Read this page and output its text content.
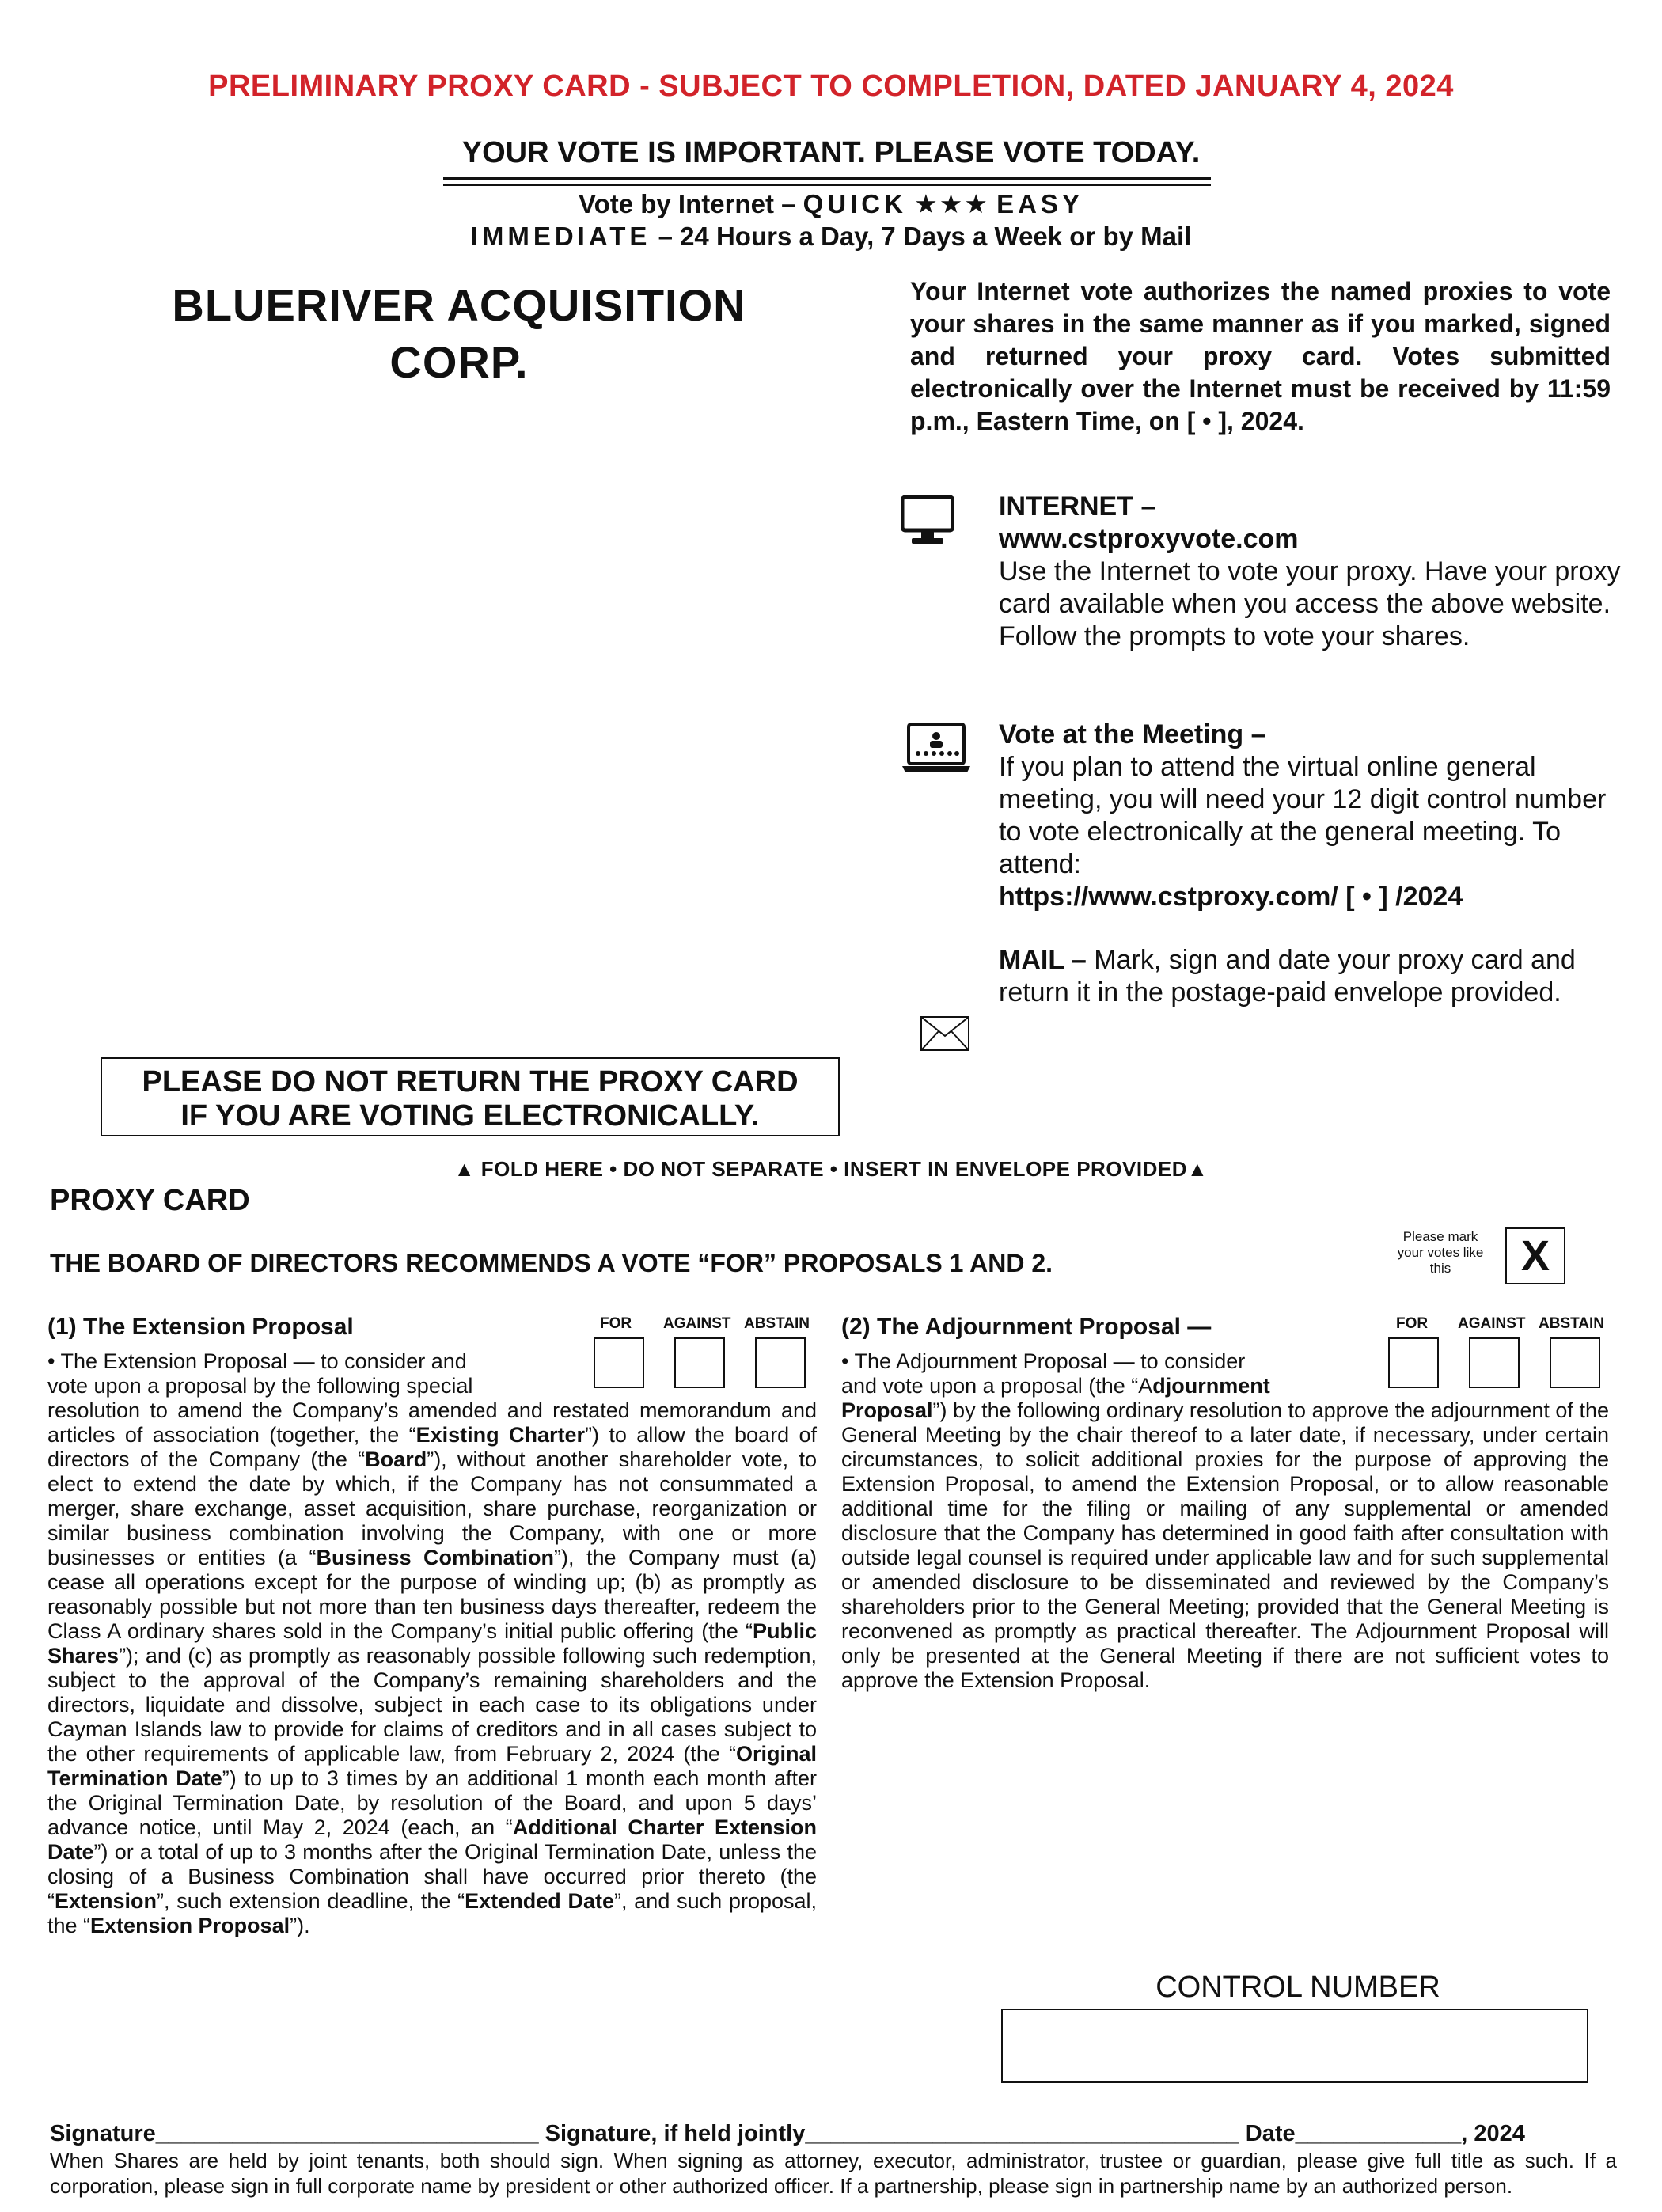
PRELIMINARY PROXY CARD - SUBJECT TO COMPLETION, DATED JANUARY 4, 2024
YOUR VOTE IS IMPORTANT. PLEASE VOTE TODAY.
Vote by Internet – QUICK ★★★ EASY
IMMEDIATE – 24 Hours a Day, 7 Days a Week or by Mail
BLUERIVER ACQUISITION
CORP.
Your Internet vote authorizes the named proxies to vote your shares in the same manner as if you marked, signed and returned your proxy card. Votes submitted electronically over the Internet must be received by 11:59 p.m., Eastern Time, on [ • ], 2024.
INTERNET –
www.cstproxyvote.com
Use the Internet to vote your proxy. Have your proxy card available when you access the above website. Follow the prompts to vote your shares.
Vote at the Meeting –
If you plan to attend the virtual online general meeting, you will need your 12 digit control number to vote electronically at the general meeting. To attend:
https://www.cstproxy.com/ [ • ] /2024
MAIL – Mark, sign and date your proxy card and return it in the postage-paid envelope provided.
PLEASE DO NOT RETURN THE PROXY CARD
IF YOU ARE VOTING ELECTRONICALLY.
▲ FOLD HERE • DO NOT SEPARATE • INSERT IN ENVELOPE PROVIDED▲
PROXY CARD
THE BOARD OF DIRECTORS RECOMMENDS A VOTE “FOR” PROPOSALS 1 AND 2.
Please mark your votes like this	X
(1) The Extension Proposal	FOR AGAINST ABSTAIN
• The Extension Proposal — to consider and
vote upon a proposal by the following special
resolution to amend the Company’s amended and restated memorandum and articles of association (together, the “Existing Charter”) to allow the board of directors of the Company (the “Board”), without another shareholder vote, to elect to extend the date by which, if the Company has not consummated a merger, share exchange, asset acquisition, share purchase, reorganization or similar business combination involving the Company, with one or more businesses or entities (a “Business Combination”), the Company must (a) cease all operations except for the purpose of winding up; (b) as promptly as reasonably possible but not more than ten business days thereafter, redeem the Class A ordinary shares sold in the Company’s initial public offering (the “Public Shares”); and (c) as promptly as reasonably possible following such redemption, subject to the approval of the Company’s remaining shareholders and the directors, liquidate and dissolve, subject in each case to its obligations under Cayman Islands law to provide for claims of creditors and in all cases subject to the other requirements of applicable law, from February 2, 2024 (the “Original Termination Date”) to up to 3 times by an additional 1 month each month after the Original Termination Date, by resolution of the Board, and upon 5 days’ advance notice, until May 2, 2024 (each, an “Additional Charter Extension Date”) or a total of up to 3 months after the Original Termination Date, unless the closing of a Business Combination shall have occurred prior thereto (the “Extension”, such extension deadline, the “Extended Date”, and such proposal, the “Extension Proposal”).
(2) The Adjournment Proposal —	FOR AGAINST ABSTAIN
• The Adjournment Proposal — to consider
and vote upon a proposal (the “Adjournment
Proposal”) by the following ordinary resolution to approve the adjournment of the General Meeting by the chair thereof to a later date, if necessary, under certain circumstances, to solicit additional proxies for the purpose of approving the Extension Proposal, to amend the Extension Proposal, or to allow reasonable additional time for the filing or mailing of any supplemental or amended disclosure that the Company has determined in good faith after consultation with outside legal counsel is required under applicable law and for such supplemental or amended disclosure to be disseminated and reviewed by the Company’s shareholders prior to the General Meeting; provided that the General Meeting is reconvened as promptly as practical thereafter. The Adjournment Proposal will only be presented at the General Meeting if there are not sufficient votes to approve the Extension Proposal.
CONTROL NUMBER
Signature______________________________ Signature, if held jointly__________________________________ Date_____________, 2024
When Shares are held by joint tenants, both should sign. When signing as attorney, executor, administrator, trustee or guardian, please give full title as such. If a corporation, please sign in full corporate name by president or other authorized officer. If a partnership, please sign in partnership name by an authorized person.
